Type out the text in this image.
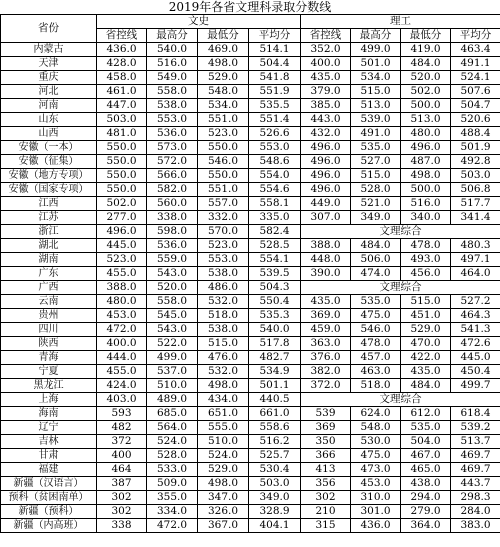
2019年各省文理科录取分数线
省份	文史				理工			
	省控线	最高分	最低分	平均分	省控线	最高分	最低分	平均分
内蒙古	436.0	540.0	469.0	514.1	352.0	499.0	419.0	463.4
天津	428.0	516.0	498.0	504.4	400.0	501.0	484.0	491.1
重庆	458.0	549.0	529.0	541.8	435.0	534.0	520.0	524.1
河北	461.0	558.0	548.0	551.9	379.0	515.0	502.0	507.6
河南	447.0	538.0	534.0	535.5	385.0	513.0	500.0	504.7
山东	503.0	553.0	551.0	551.4	443.0	539.0	513.0	520.6
山西	481.0	536.0	523.0	526.6	432.0	491.0	480.0	488.4
安徽（一本）	550.0	573.0	550.0	553.0	496.0	535.0	496.0	501.9
安徽（征集）	550.0	572.0	546.0	548.6	496.0	527.0	487.0	492.8
安徽（地方专项）	550.0	566.0	550.0	554.0	496.0	515.0	498.0	503.0
安徽（国家专项）	550.0	582.0	551.0	554.6	496.0	528.0	500.0	506.8
江西	502.0	560.0	557.0	558.1	449.0	521.0	516.0	517.7
江苏	277.0	338.0	332.0	335.0	307.0	349.0	340.0	341.4
浙江	496.0	598.0	570.0	582.4	文理综合			
湖北	445.0	536.0	523.0	528.5	388.0	484.0	478.0	480.3
湖南	523.0	559.0	553.0	554.1	448.0	506.0	493.0	497.1
广东	455.0	543.0	538.0	539.5	390.0	474.0	456.0	464.0
广西	388.0	520.0	486.0	504.3	文理综合			
云南	480.0	558.0	532.0	550.4	435.0	535.0	515.0	527.2
贵州	453.0	545.0	518.0	535.3	369.0	475.0	451.0	464.3
四川	472.0	543.0	538.0	540.0	459.0	546.0	529.0	541.3
陕西	400.0	522.0	515.0	517.8	363.0	478.0	470.0	472.6
青海	444.0	499.0	476.0	482.7	376.0	457.0	422.0	445.0
宁夏	455.0	537.0	532.0	534.9	382.0	463.0	435.0	450.4
黑龙江	424.0	510.0	498.0	501.1	372.0	518.0	484.0	499.7
上海	403.0	489.0	434.0	440.5	文理综合			
海南	593	685.0	651.0	661.0	539	624.0	612.0	618.4
辽宁	482	564.0	555.0	558.6	369	548.0	535.0	539.2
吉林	372	524.0	510.0	516.2	350	530.0	504.0	513.7
甘肃	400	528.0	524.0	525.7	366	475.0	467.0	469.7
福建	464	533.0	529.0	530.4	413	473.0	465.0	469.7
新疆（汉语言）	387	509.0	498.0	503.0	356	453.0	438.0	443.7
预科（贫困南单）	302	355.0	347.0	349.0	302	310.0	294.0	298.3
新疆（预科）	302	334.0	326.0	328.9	210	301.0	279.0	284.0
新疆（内高班）	338	472.0	367.0	404.1	315	436.0	364.0	383.0
